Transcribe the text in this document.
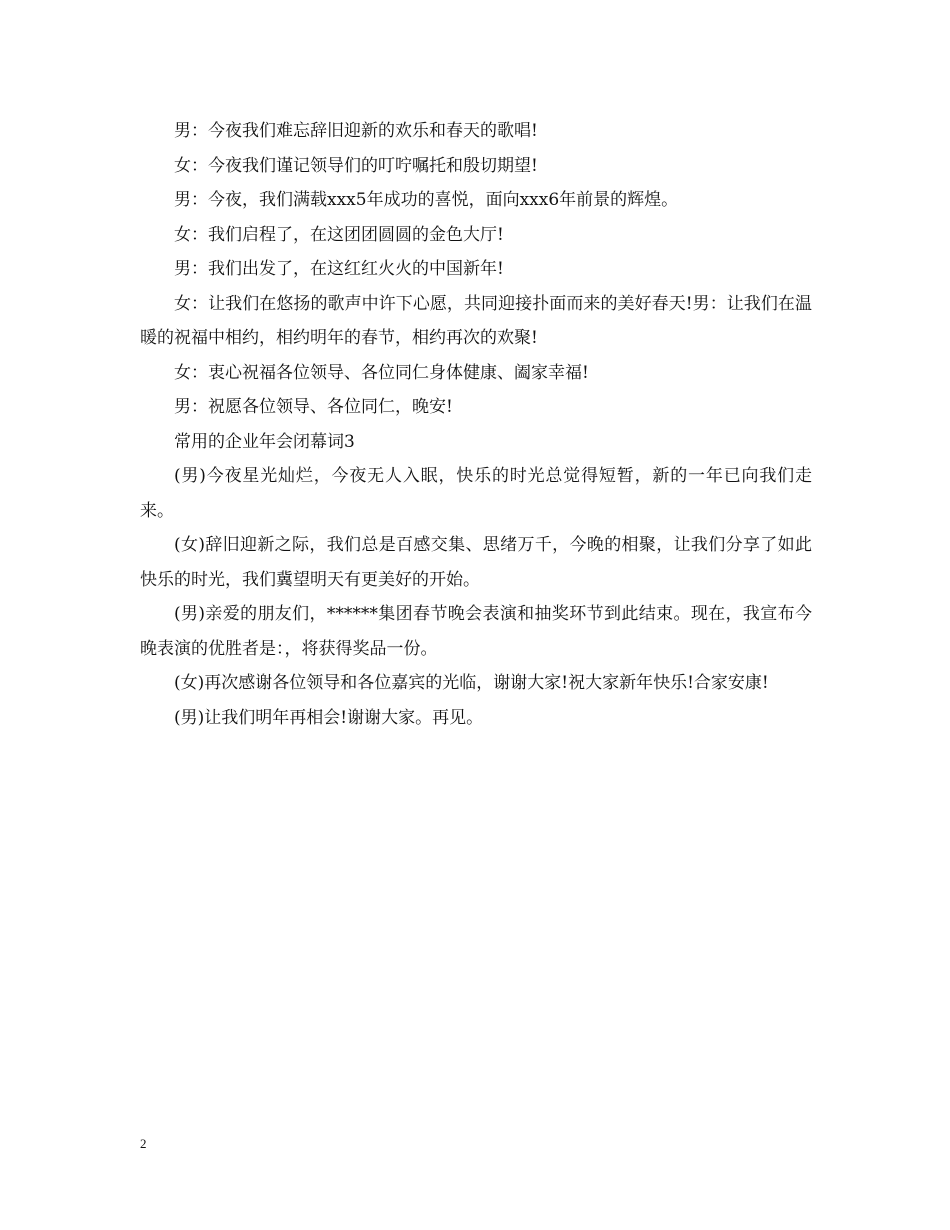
男：今夜我们难忘辞旧迎新的欢乐和春天的歌唱!

女：今夜我们谨记领导们的叮咛嘱托和殷切期望!

男：今夜，我们满载xxx5年成功的喜悦，面向xxx6年前景的辉煌。

女：我们启程了，在这团团圆圆的金色大厅!

男：我们出发了，在这红红火火的中国新年!

女：让我们在悠扬的歌声中许下心愿，共同迎接扑面而来的美好春天!男：让我们在温暖的祝福中相约，相约明年的春节，相约再次的欢聚!

女：衷心祝福各位领导、各位同仁身体健康、阖家幸福!

男：祝愿各位领导、各位同仁，晚安!

常用的企业年会闭幕词3

(男)今夜星光灿烂，今夜无人入眠，快乐的时光总觉得短暂，新的一年已向我们走来。

(女)辞旧迎新之际，我们总是百感交集、思绪万千，今晚的相聚，让我们分享了如此快乐的时光，我们冀望明天有更美好的开始。

(男)亲爱的朋友们，******集团春节晚会表演和抽奖环节到此结束。现在，我宣布今晚表演的优胜者是：，将获得奖品一份。

(女)再次感谢各位领导和各位嘉宾的光临，谢谢大家!祝大家新年快乐!合家安康!

(男)让我们明年再相会!谢谢大家。再见。

2
